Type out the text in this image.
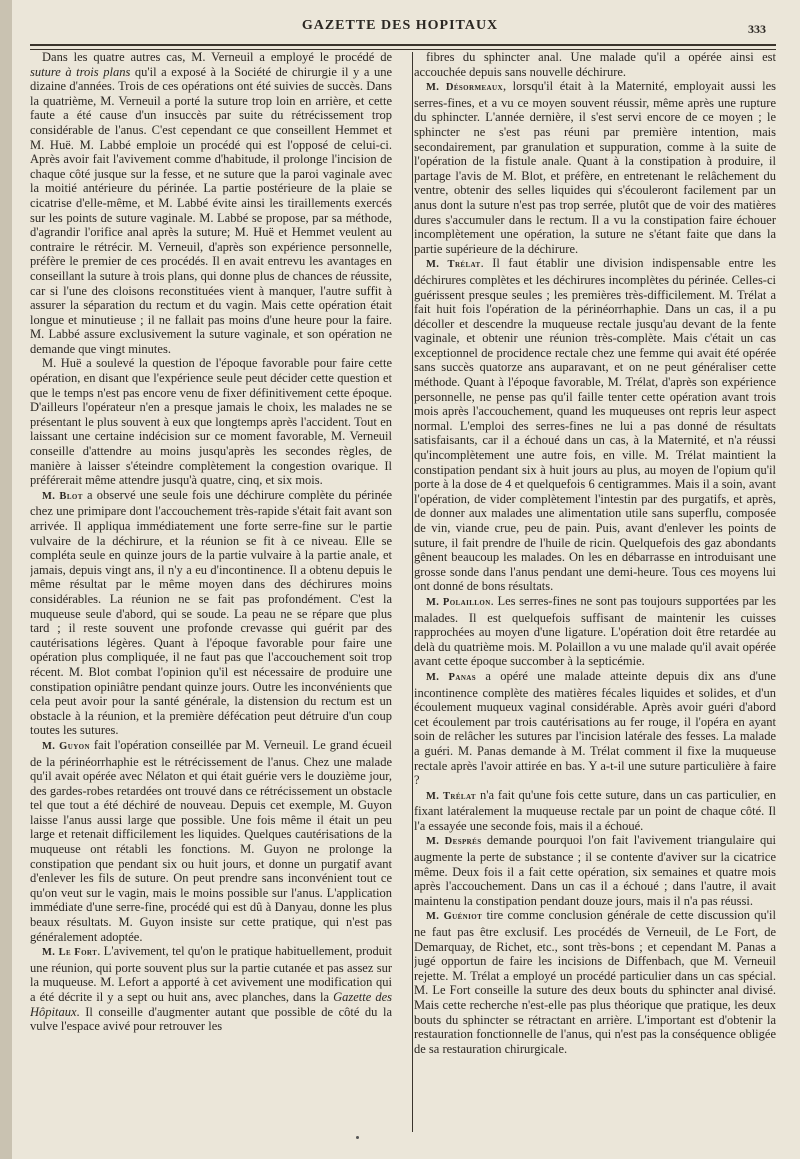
GAZETTE DES HOPITAUX	333

Dans les quatre autres cas, M. Verneuil a employé le procédé de suture à trois plans qu'il a exposé à la Société de chirurgie il y a une dizaine d'années. Trois de ces opérations ont été suivies de succès. Dans la quatrième, M. Verneuil a porté la suture trop loin en arrière, et cette faute a été cause d'un insuccès par suite du rétrécissement trop considérable de l'anus. C'est cependant ce que conseillent Hemmet et M. Huë. M. Labbé emploie un procédé qui est l'opposé de celui-ci. Après avoir fait l'avivement comme d'habitude, il prolonge l'incision de chaque côté jusque sur la fesse, et ne suture que la paroi vaginale avec la moitié antérieure du périnée. La partie postérieure de la plaie se cicatrise d'elle-même, et M. Labbé évite ainsi les tiraillements exercés sur les points de suture vaginale. M. Labbé se propose, par sa méthode, d'agrandir l'orifice anal après la suture; M. Huë et Hemmet veulent au contraire le rétrécir. M. Verneuil, d'après son expérience personnelle, préfère le premier de ces procédés. Il en avait entrevu les avantages en conseillant la suture à trois plans, qui donne plus de chances de réussite, car si l'une des cloisons reconstituées vient à manquer, l'autre suffit à assurer la séparation du rectum et du vagin. Mais cette opération était longue et minutieuse ; il ne fallait pas moins d'une heure pour la faire. M. Labbé assure exclusivement la suture vaginale, et son opération ne demande que vingt minutes.

M. Huë a soulevé la question de l'époque favorable pour faire cette opération, en disant que l'expérience seule peut décider cette question et que le temps n'est pas encore venu de fixer définitivement cette époque. D'ailleurs l'opérateur n'en a presque jamais le choix, les malades ne se présentant le plus souvent à eux que longtemps après l'accident. Tout en laissant une certaine indécision sur ce moment favorable, M. Verneuil conseille d'attendre au moins jusqu'après les secondes règles, de manière à laisser s'éteindre complètement la congestion ovarique. Il préférerait même attendre jusqu'à quatre, cinq, et six mois.

M. Blot a observé une seule fois une déchirure complète du périnée chez une primipare dont l'accouchement très-rapide s'était fait avant son arrivée. Il appliqua immédiatement une forte serre-fine sur le partie vulvaire de la déchirure, et la réunion se fit à ce niveau. Elle se compléta seule en quinze jours de la partie vulvaire à la partie anale, et jamais, depuis vingt ans, il n'y a eu d'incontinence. Il a obtenu depuis le même résultat par le même moyen dans des déchirures moins considérables. La réunion ne se fait pas profondément. C'est la muqueuse seule d'abord, qui se soude. La peau ne se répare que plus tard ; il reste souvent une profonde crevasse qui guérit par des cautérisations légères. Quant à l'époque favorable pour faire une opération plus compliquée, il ne faut pas que l'accouchement soit trop récent. M. Blot combat l'opinion qu'il est nécessaire de produire une constipation opiniâtre pendant quinze jours. Outre les inconvénients que cela peut avoir pour la santé générale, la distension du rectum est un obstacle à la réunion, et la première défécation peut détruire d'un coup toutes les sutures.

M. Guyon fait l'opération conseillée par M. Verneuil. Le grand écueil de la périnéorrhaphie est le rétrécissement de l'anus. Chez une malade qu'il avait opérée avec Nélaton et qui était guérie vers le douzième jour, des gardes-robes retardées ont trouvé dans ce rétrécissement un obstacle tel que tout a été déchiré de nouveau. Depuis cet exemple, M. Guyon laisse l'anus aussi large que possible. Une fois même il était un peu large et retenait difficilement les liquides. Quelques cautérisations de la muqueuse ont rétabli les fonctions. M. Guyon ne prolonge la constipation que pendant six ou huit jours, et donne un purgatif avant d'enlever les fils de suture. On peut prendre sans inconvénient tout ce qu'on veut sur le vagin, mais le moins possible sur l'anus. L'application immédiate d'une serre-fine, procédé qui est dû à Danyau, donne les plus beaux résultats. M. Guyon insiste sur cette pratique, qui n'est pas généralement adoptée.

M. Le Fort. L'avivement, tel qu'on le pratique habituellement, produit une réunion, qui porte souvent plus sur la partie cutanée et pas assez sur la muqueuse. M. Lefort a apporté à cet avivement une modification qui a été décrite il y a sept ou huit ans, avec planches, dans la Gazette des Hôpitaux. Il conseille d'augmenter autant que possible de côté du la vulve l'espace avivé pour retrouver les

fibres du sphincter anal. Une malade qu'il a opérée ainsi est accouchée depuis sans nouvelle déchirure.

M. Désormeaux, lorsqu'il était à la Maternité, employait aussi les serres-fines, et a vu ce moyen souvent réussir, même après une rupture du sphincter. L'année dernière, il s'est servi encore de ce moyen ; le sphincter ne s'est pas réuni par première intention, mais secondairement, par granulation et suppuration, comme à la suite de l'opération de la fistule anale. Quant à la constipation à produire, il partage l'avis de M. Blot, et préfère, en entretenant le relâchement du ventre, obtenir des selles liquides qui s'écouleront facilement par un anus dont la suture n'est pas trop serrée, plutôt que de voir des matières dures s'accumuler dans le rectum. Il a vu la constipation faire échouer incomplètement une opération, la suture ne s'étant faite que dans la partie supérieure de la déchirure.

M. Trélat. Il faut établir une division indispensable entre les déchirures complètes et les déchirures incomplètes du périnée. Celles-ci guérissent presque seules ; les premières très-difficilement. M. Trélat a fait huit fois l'opération de la périnéorrhaphie. Dans un cas, il a pu décoller et descendre la muqueuse rectale jusqu'au devant de la fente vaginale, et obtenir une réunion très-complète. Mais c'était un cas exceptionnel de procidence rectale chez une femme qui avait été opérée sans succès quatorze ans auparavant, et on ne peut généraliser cette méthode. Quant à l'époque favorable, M. Trélat, d'après son expérience personnelle, ne pense pas qu'il faille tenter cette opération avant trois mois après l'accouchement, quand les muqueuses ont repris leur aspect normal. L'emploi des serres-fines ne lui a pas donné de résultats satisfaisants, car il a échoué dans un cas, à la Maternité, et n'a réussi qu'incomplètement une autre fois, en ville. M. Trélat maintient la constipation pendant six à huit jours au plus, au moyen de l'opium qu'il porte à la dose de 4 et quelquefois 6 centigrammes. Mais il a soin, avant l'opération, de vider complètement l'intestin par des purgatifs, et après, de donner aux malades une alimentation utile sans superflu, composée de vin, viande crue, peu de pain. Puis, avant d'enlever les points de suture, il fait prendre de l'huile de ricin. Quelquefois des gaz abondants gênent beaucoup les malades. On les en débarrasse en introduisant une grosse sonde dans l'anus pendant une demi-heure. Tous ces moyens lui ont donné de bons résultats.

M. Polaillon. Les serres-fines ne sont pas toujours supportées par les malades. Il est quelquefois suffisant de maintenir les cuisses rapprochées au moyen d'une ligature. L'opération doit être retardée au delà du quatrième mois. M. Polaillon a vu une malade qu'il avait opérée avant cette époque succomber à la septicémie.

M. Panas a opéré une malade atteinte depuis dix ans d'une incontinence complète des matières fécales liquides et solides, et d'un écoulement muqueux vaginal considérable. Après avoir guéri d'abord cet écoulement par trois cautérisations au fer rouge, il l'opéra en ayant soin de relâcher les sutures par l'incision latérale des fesses. La malade a guéri. M. Panas demande à M. Trélat comment il fixe la muqueuse rectale après l'avoir attirée en bas. Y a-t-il une suture particulière à faire ?

M. Trélat n'a fait qu'une fois cette suture, dans un cas particulier, en fixant latéralement la muqueuse rectale par un point de chaque côté. Il l'a essayée une seconde fois, mais il a échoué.

M. Després demande pourquoi l'on fait l'avivement triangulaire qui augmente la perte de substance ; il se contente d'aviver sur la cicatrice même. Deux fois il a fait cette opération, six semaines et quatre mois après l'accouchement. Dans un cas il a échoué ; dans l'autre, il avait maintenu la constipation pendant douze jours, mais il n'a pas réussi.

M. Guéniot tire comme conclusion générale de cette discussion qu'il ne faut pas être exclusif. Les procédés de Verneuil, de Le Fort, de Demarquay, de Richet, etc., sont très-bons ; et cependant M. Panas a jugé opportun de faire les incisions de Diffenbach, que M. Verneuil rejette. M. Trélat a employé un procédé particulier dans un cas spécial. M. Le Fort conseille la suture des deux bouts du sphincter anal divisé. Mais cette recherche n'est-elle pas plus théorique que pratique, les deux bouts du sphincter se rétractant en arrière. L'important est d'obtenir la restauration fonctionnelle de l'anus, qui n'est pas la conséquence obligée de sa restauration chirurgicale.
